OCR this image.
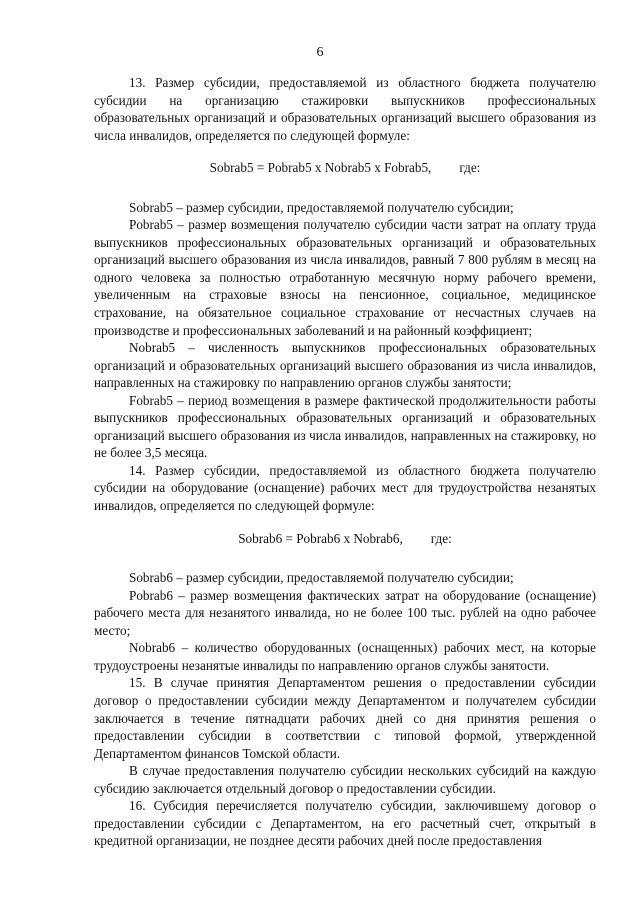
6

13. Размер субсидии, предоставляемой из областного бюджета получателю субсидии на организацию стажировки выпускников профессиональных образовательных организаций и образовательных организаций высшего образования из числа инвалидов, определяется по следующей формуле:

Sobrab5 = Pobrab5 х Nobrab5 х Fobrab5, где:

Sobrab5 – размер субсидии, предоставляемой получателю субсидии;

Pobrab5 – размер возмещения получателю субсидии части затрат на оплату труда выпускников профессиональных образовательных организаций и образовательных организаций высшего образования из числа инвалидов, равный 7 800 рублям в месяц на одного человека за полностью отработанную месячную норму рабочего времени, увеличенным на страховые взносы на пенсионное, социальное, медицинское страхование, на обязательное социальное страхование от несчастных случаев на производстве и профессиональных заболеваний и на районный коэффициент;

Nobrab5 – численность выпускников профессиональных образовательных организаций и образовательных организаций высшего образования из числа инвалидов, направленных на стажировку по направлению органов службы занятости;

Fobrab5 – период возмещения в размере фактической продолжительности работы выпускников профессиональных образовательных организаций и образовательных организаций высшего образования из числа инвалидов, направленных на стажировку, но не более 3,5 месяца.

14. Размер субсидии, предоставляемой из областного бюджета получателю субсидии на оборудование (оснащение) рабочих мест для трудоустройства незанятых инвалидов, определяется по следующей формуле:

Sobrab6 = Pobrab6 х Nobrab6, где:

Sobrab6 – размер субсидии, предоставляемой получателю субсидии;

Pobrab6 – размер возмещения фактических затрат на оборудование (оснащение) рабочего места для незанятого инвалида, но не более 100 тыс. рублей на одно рабочее место;

Nobrab6 – количество оборудованных (оснащенных) рабочих мест, на которые трудоустроены незанятые инвалиды по направлению органов службы занятости.

15. В случае принятия Департаментом решения о предоставлении субсидии договор о предоставлении субсидии между Департаментом и получателем субсидии заключается в течение пятнадцати рабочих дней со дня принятия решения о предоставлении субсидии в соответствии с типовой формой, утвержденной Департаментом финансов Томской области.

В случае предоставления получателю субсидии нескольких субсидий на каждую субсидию заключается отдельный договор о предоставлении субсидии.

16. Субсидия перечисляется получателю субсидии, заключившему договор о предоставлении субсидии с Департаментом, на его расчетный счет, открытый в кредитной организации, не позднее десяти рабочих дней после предоставления
